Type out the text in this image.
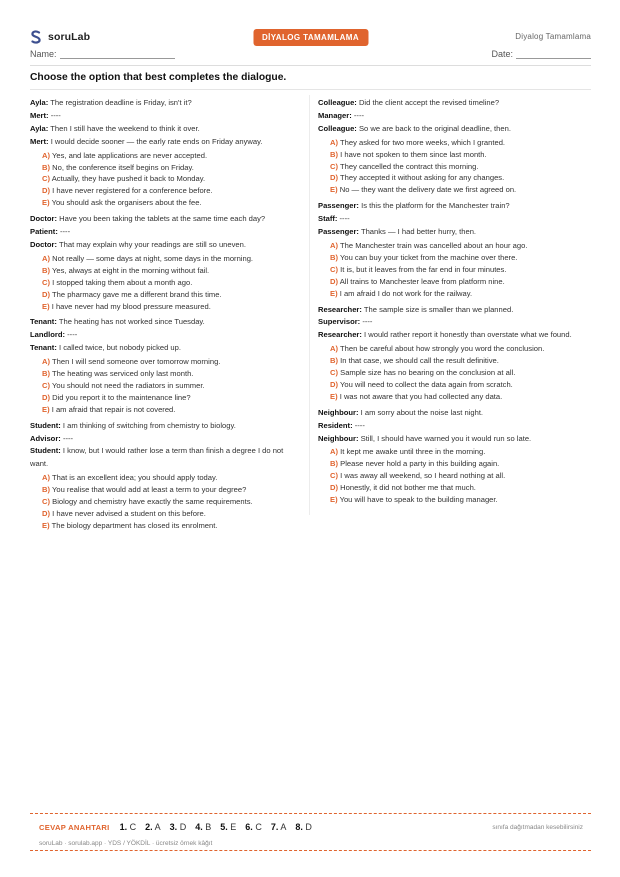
soruLab	DİYALOG TAMAMLAMA	Diyalog Tamamlama
Name:	Date:
Choose the option that best completes the dialogue.
Ayla: The registration deadline is Friday, isn't it?
Mert: ----
Ayla: Then I still have the weekend to think it over.
Mert: I would decide sooner — the early rate ends on Friday anyway.
A) Yes, and late applications are never accepted.
B) No, the conference itself begins on Friday.
C) Actually, they have pushed it back to Monday.
D) I have never registered for a conference before.
E) You should ask the organisers about the fee.
Doctor: Have you been taking the tablets at the same time each day?
Patient: ----
Doctor: That may explain why your readings are still so uneven.
A) Not really — some days at night, some days in the morning.
B) Yes, always at eight in the morning without fail.
C) I stopped taking them about a month ago.
D) The pharmacy gave me a different brand this time.
E) I have never had my blood pressure measured.
Tenant: The heating has not worked since Tuesday.
Landlord: ----
Tenant: I called twice, but nobody picked up.
A) Then I will send someone over tomorrow morning.
B) The heating was serviced only last month.
C) You should not need the radiators in summer.
D) Did you report it to the maintenance line?
E) I am afraid that repair is not covered.
Student: I am thinking of switching from chemistry to biology.
Advisor: ----
Student: I know, but I would rather lose a term than finish a degree I do not want.
A) That is an excellent idea; you should apply today.
B) You realise that would add at least a term to your degree?
C) Biology and chemistry have exactly the same requirements.
D) I have never advised a student on this before.
E) The biology department has closed its enrolment.
Colleague: Did the client accept the revised timeline?
Manager: ----
Colleague: So we are back to the original deadline, then.
A) They asked for two more weeks, which I granted.
B) I have not spoken to them since last month.
C) They cancelled the contract this morning.
D) They accepted it without asking for any changes.
E) No — they want the delivery date we first agreed on.
Passenger: Is this the platform for the Manchester train?
Staff: ----
Passenger: Thanks — I had better hurry, then.
A) The Manchester train was cancelled about an hour ago.
B) You can buy your ticket from the machine over there.
C) It is, but it leaves from the far end in four minutes.
D) All trains to Manchester leave from platform nine.
E) I am afraid I do not work for the railway.
Researcher: The sample size is smaller than we planned.
Supervisor: ----
Researcher: I would rather report it honestly than overstate what we found.
A) Then be careful about how strongly you word the conclusion.
B) In that case, we should call the result definitive.
C) Sample size has no bearing on the conclusion at all.
D) You will need to collect the data again from scratch.
E) I was not aware that you had collected any data.
Neighbour: I am sorry about the noise last night.
Resident: ----
Neighbour: Still, I should have warned you it would run so late.
A) It kept me awake until three in the morning.
B) Please never hold a party in this building again.
C) I was away all weekend, so I heard nothing at all.
D) Honestly, it did not bother me that much.
E) You will have to speak to the building manager.
CEVAP ANAHTARI 1. C 2. A 3. D 4. B 5. E 6. C 7. A 8. D	sınıfa dağıtmadan kesebilirsiniz
soruLab · sorulab.app · YDS / YÖKDİL · ücretsiz örnek kâğıt
